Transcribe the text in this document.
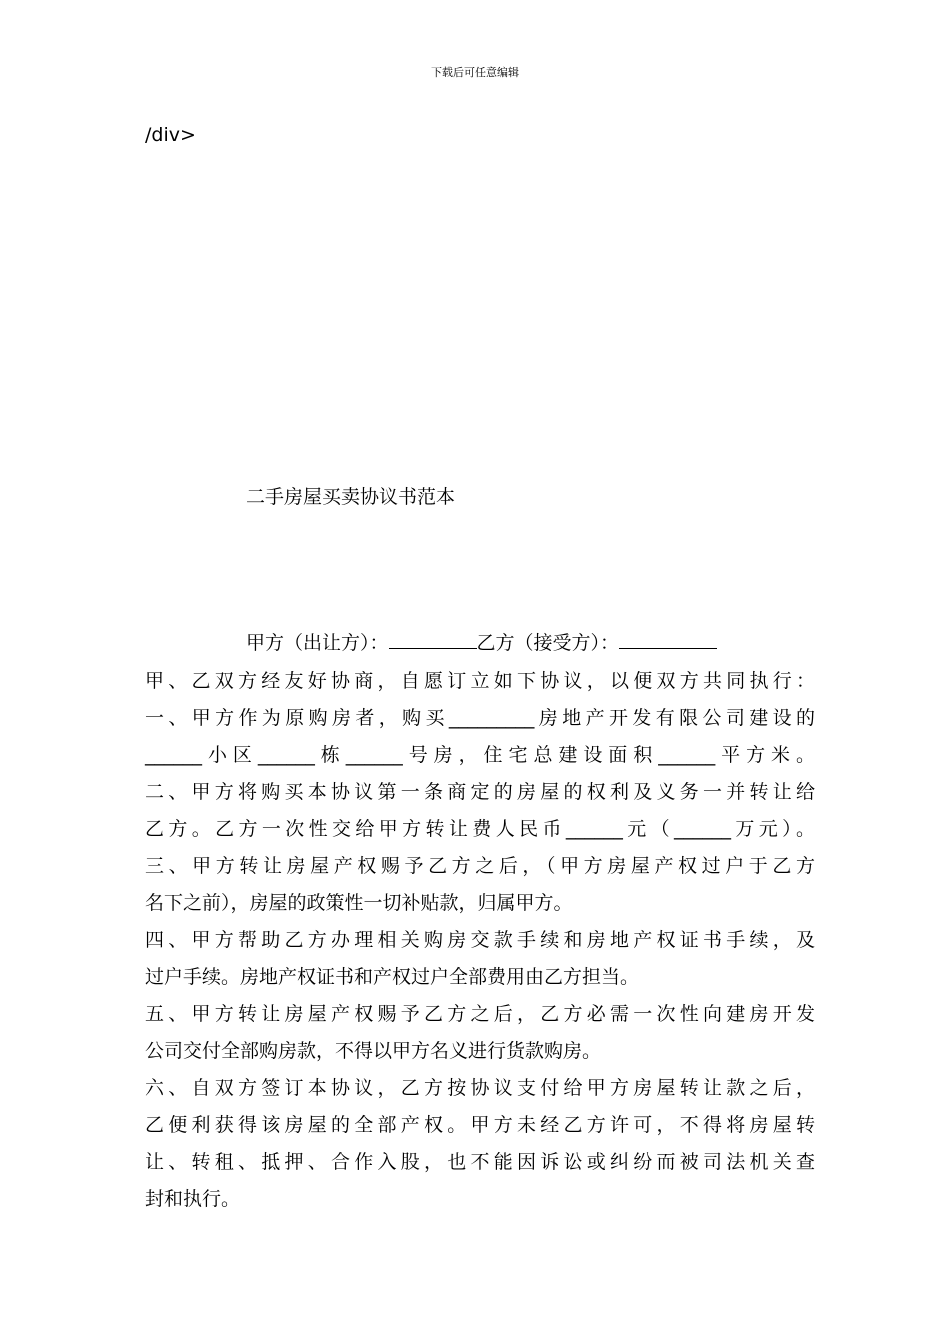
下载后可任意编辑
/div>
二手房屋买卖协议书范本
甲方（出让方）：	乙方（接受方）：
甲、乙双方经友好协商，自愿订立如下协议，以便双方共同执行：
一、甲方作为原购房者，购买_________房地产开发有限公司建设的
______小区______栋______号房，住宅总建设面积______平方米。
二、甲方将购买本协议第一条商定的房屋的权利及义务一并转让给
乙方。乙方一次性交给甲方转让费人民币______元（______万元）。
三、甲方转让房屋产权赐予乙方之后，（甲方房屋产权过户于乙方
名下之前），房屋的政策性一切补贴款，归属甲方。
四、甲方帮助乙方办理相关购房交款手续和房地产权证书手续，及
过户手续。房地产权证书和产权过户全部费用由乙方担当。
五、甲方转让房屋产权赐予乙方之后，乙方必需一次性向建房开发
公司交付全部购房款，不得以甲方名义进行货款购房。
六、自双方签订本协议，乙方按协议支付给甲方房屋转让款之后，
乙便利获得该房屋的全部产权。甲方未经乙方许可，不得将房屋转
让、转租、抵押、合作入股，也不能因诉讼或纠纷而被司法机关查
封和执行。
